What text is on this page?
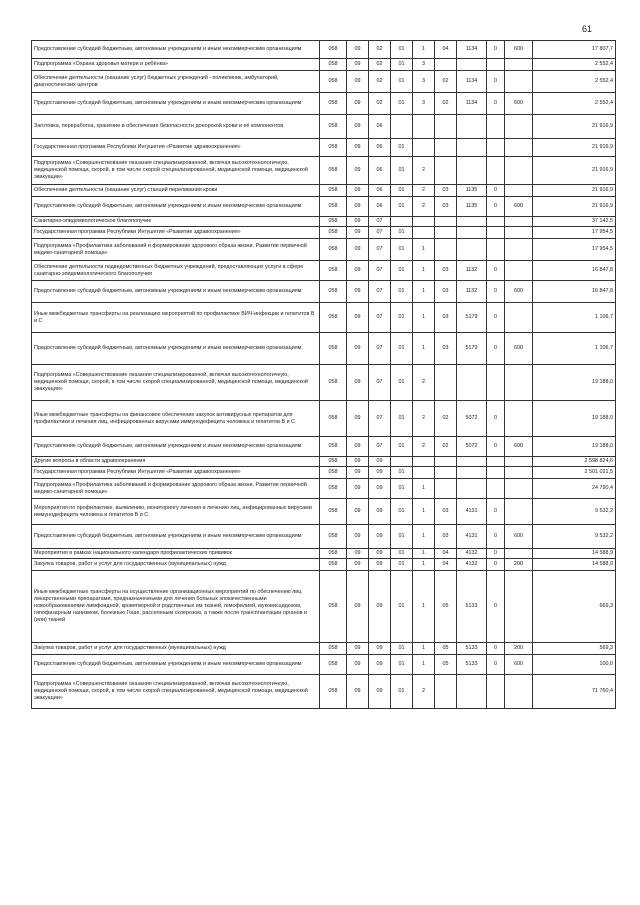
61
Предоставление субсидий бюджетным, автономным учреждениям и иным некоммерческим организациям	058	09	02	01	1	04	1134	0	600	17 807,7
Подпрограмма «Охрана здоровья матери и ребёнка»	058	09	02	01	3					2 552,4
Обеспечение деятельности (оказание услуг) бюджетных учреждений - поликлиник, амбулаторий, диагностических центров	058	09	02	01	3	02	1134	0		2 552,4
Предоставление субсидий бюджетным, автономным учреждениям и иным некоммерческим организациям	058	09	02	01	3	02	1134	0	600	2 552,4
Заготовка, переработка, хранение и обеспечение безопасности донорской крови и её компонентов	058	09	06							21 916,9
Государственная программа Республики Ингушетия «Развитие здравоохранения»	058	09	06	01						21 916,9
Подпрограмма «Совершенствование оказания специализированной, включая высокотехнологичную, медицинской помощи, скорой, в том числе скорой специализированной, медицинской помощи, медицинской эвакуации»	058	09	06	01	2					21 916,9
Обеспечение деятельности (оказание услуг) станций переливания крови	058	09	06	01	2	03	1135	0		21 916,9
Предоставление субсидий бюджетным, автономным учреждениям и иным некоммерческим организациям	058	09	06	01	2	03	1135	0	600	21 916,9
Санитарно-эпидемиологическое благополучие	058	09	07							37 142,5
Государственная программа Республики Ингушетия «Развитие здравоохранения»	058	09	07	01						17 954,5
Подпрограмма «Профилактика заболеваний и формирование здорового образа жизни. Развитие первичной медико-санитарной помощи»	058	09	07	01	1					17 954,5
Обеспечение деятельности подведомственных бюджетных учреждений, предоставляющих услуги в сфере санитарно-эпидемиологического благополучия	058	09	07	01	1	03	1132	0		16 847,8
Предоставление субсидий бюджетным, автономным учреждениям и иным некоммерческим организациям	058	09	07	01	1	03	1132	0	600	16 847,8
Иные межбюджетные трансферты на реализацию мероприятий по профилактике ВИЧ-инфекции и гепатитов В и С	058	09	07	01	1	03	5179	0		1 106,7
Предоставление субсидий бюджетным, автономным учреждениям и иным некоммерческим организациям	058	09	07	01	1	03	5179	0	600	1 106,7
Подпрограмма «Совершенствование оказания специализированной, включая высокотехнологичную, медицинской помощи, скорой, в том числе скорой специализированной, медицинской помощи, медицинской эвакуации»	058	09	07	01	2					19 188,0
Иные межбюджетные трансферты на финансовое обеспечение закупок антивирусных препаратов для профилактики и лечения лиц, инфицированных вирусами иммунодефицита человека и гепатитов В и С	058	09	07	01	2	02	5072	0		19 188,0
Предоставление субсидий бюджетным, автономным учреждениям и иным некоммерческим организациям	058	09	07	01	2	02	5072	0	600	19 188,0
Другие вопросы в области здравоохранения	058	09	09							2 598 824,6
Государственная программа Республики Ингушетия «Развитие здравоохранения»	058	09	09	01						2 501 021,5
Подпрограмма «Профилактика заболеваний и формирование здорового образа жизни. Развитие первичной медико-санитарной помощи»	058	09	09	01	1					24 790,4
Мероприятия по профилактике, выявлению, мониторингу лечения и лечению лиц, инфицированных вирусами иммунодефицита человека и гепатитов В и С	058	09	09	01	1	03	4131	0		9 532,2
Предоставление субсидий бюджетным, автономным учреждениям и иным некоммерческим организациям	058	09	09	01	1	03	4131	0	600	9 532,2
Мероприятия в рамках национального календаря профилактических прививок	058	09	09	01	1	04	4132	0		14 588,9
Закупка товаров, работ и услуг для государственных (муниципальных) нужд	058	09	09	01	1	04	4132	0	200	14 588,9
Иные межбюджетные трансферты на осуществление организационных мероприятий по обеспечению лиц лекарственными препаратами, предназначенными для лечения больных злокачественными новообразованиями лимфоидной, кроветворной и родственных им тканей, гемофилией, муковисцидозом, гипофизарным нанизмом, болезнью Гоше, рассеянным склерозом, а также после трансплантации органов и (или) тканей	058	09	09	01	1	05	5133	0		669,3
Закупка товаров, работ и услуг для государственных (муниципальных) нужд	058	09	09	01	1	05	5133	0	200	569,3
Предоставление субсидий бюджетным, автономным учреждениям и иным некоммерческим организациям	058	09	09	01	1	05	5133	0	600	100,0
Подпрограмма «Совершенствование оказания специализированной, включая высокотехнологичную, медицинской помощи, скорой, в том числе скорой специализированной, медицинской помощи, медицинской эвакуации»	058	09	09	01	2					71 760,4
